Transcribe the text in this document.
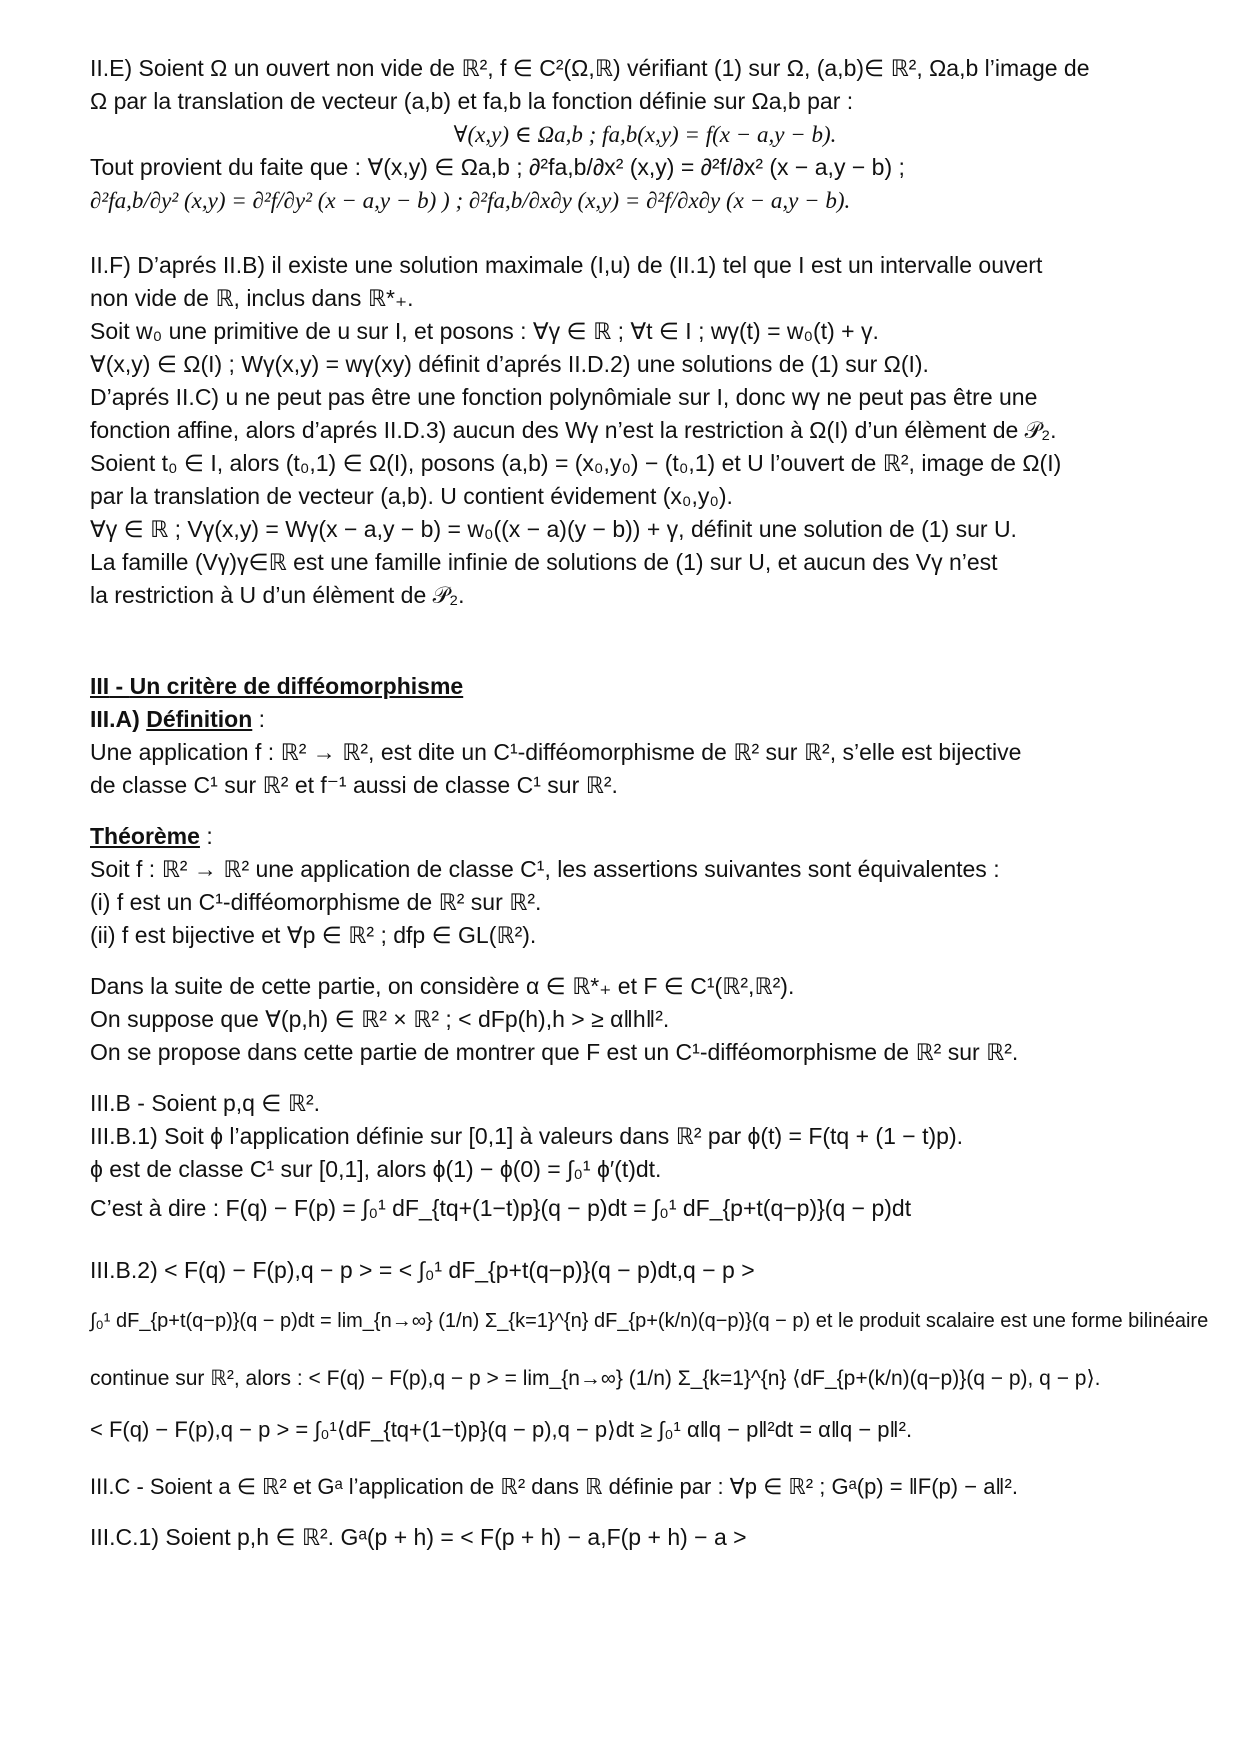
II.E) Soient Ω un ouvert non vide de ℝ², f ∈ C²(Ω,ℝ) vérifiant (1) sur Ω, (a,b)∈ ℝ², Ωa,b l’image de
Ω par la translation de vecteur (a,b) et fa,b la fonction définie sur Ωa,b par :
∀(x,y) ∈ Ωa,b ; fa,b(x,y) = f(x − a,y − b).
Tout provient du faite que : ∀(x,y) ∈ Ωa,b ; ∂²fa,b/∂x² (x,y) = ∂²f/∂x² (x − a,y − b) ;
∂²fa,b/∂y² (x,y) = ∂²f/∂y² (x − a,y − b) ) ; ∂²fa,b/∂x∂y (x,y) = ∂²f/∂x∂y (x − a,y − b).
II.F) D’aprés II.B) il existe une solution maximale (I,u) de (II.1) tel que I est un intervalle ouvert
non vide de ℝ, inclus dans ℝ*₊.
Soit w₀ une primitive de u sur I, et posons : ∀γ ∈ ℝ ; ∀t ∈ I ; wγ(t) = w₀(t) + γ.
∀(x,y) ∈ Ω(I) ; Wγ(x,y) = wγ(xy) définit d’aprés II.D.2) une solutions de (1) sur Ω(I).
D’aprés II.C) u ne peut pas être une fonction polynômiale sur I, donc wγ ne peut pas être une
fonction affine, alors d’aprés II.D.3) aucun des Wγ n’est la restriction à Ω(I) d’un élèment de 𝒫₂.
Soient t₀ ∈ I, alors (t₀,1) ∈ Ω(I), posons (a,b) = (x₀,y₀) − (t₀,1) et U l’ouvert de ℝ², image de Ω(I)
par la translation de vecteur (a,b). U contient évidement (x₀,y₀).
∀γ ∈ ℝ ; Vγ(x,y) = Wγ(x − a,y − b) = w₀((x − a)(y − b)) + γ, définit une solution de (1) sur U.
La famille (Vγ)γ∈ℝ est une famille infinie de solutions de (1) sur U, et aucun des Vγ n’est
la restriction à U d’un élèment de 𝒫₂.
III - Un critère de difféomorphisme
III.A) Définition :
Une application f : ℝ² → ℝ², est dite un C¹-difféomorphisme de ℝ² sur ℝ², s’elle est bijective
de classe C¹ sur ℝ² et f⁻¹ aussi de classe C¹ sur ℝ².
Théorème :
Soit f : ℝ² → ℝ² une application de classe C¹, les assertions suivantes sont équivalentes :
(i) f est un C¹-difféomorphisme de ℝ² sur ℝ².
(ii) f est bijective et ∀p ∈ ℝ² ; dfp ∈ GL(ℝ²).
Dans la suite de cette partie, on considère α ∈ ℝ*₊ et F ∈ C¹(ℝ²,ℝ²).
On suppose que ∀(p,h) ∈ ℝ² × ℝ² ; < dFp(h),h > ≥ α‖h‖².
On se propose dans cette partie de montrer que F est un C¹-difféomorphisme de ℝ² sur ℝ².
III.B - Soient p,q ∈ ℝ².
III.B.1) Soit ϕ l’application définie sur [0,1] à valeurs dans ℝ² par ϕ(t) = F(tq + (1 − t)p).
ϕ est de classe C¹ sur [0,1], alors ϕ(1) − ϕ(0) = ∫₀¹ ϕ′(t)dt.
C’est à dire : F(q) − F(p) = ∫₀¹ dF_{tq+(1−t)p}(q − p)dt = ∫₀¹ dF_{p+t(q−p)}(q − p)dt
III.B.2) < F(q) − F(p),q − p > = < ∫₀¹ dF_{p+t(q−p)}(q − p)dt,q − p >
∫₀¹ dF_{p+t(q−p)}(q − p)dt = lim_{n→∞} (1/n) Σ_{k=1}^{n} dF_{p+(k/n)(q−p)}(q − p) et le produit scalaire est une forme bilinéaire
continue sur ℝ², alors : < F(q) − F(p),q − p > = lim_{n→∞} (1/n) Σ_{k=1}^{n} ⟨dF_{p+(k/n)(q−p)}(q − p), q − p⟩.
< F(q) − F(p),q − p > = ∫₀¹⟨dF_{tq+(1−t)p}(q − p),q − p⟩dt ≥ ∫₀¹ α‖q − p‖²dt = α‖q − p‖².
III.C - Soient a ∈ ℝ² et Gᵃ l’application de ℝ² dans ℝ définie par : ∀p ∈ ℝ² ; Gᵃ(p) = ‖F(p) − a‖².
III.C.1) Soient p,h ∈ ℝ². Gᵃ(p + h) = < F(p + h) − a,F(p + h) − a >
